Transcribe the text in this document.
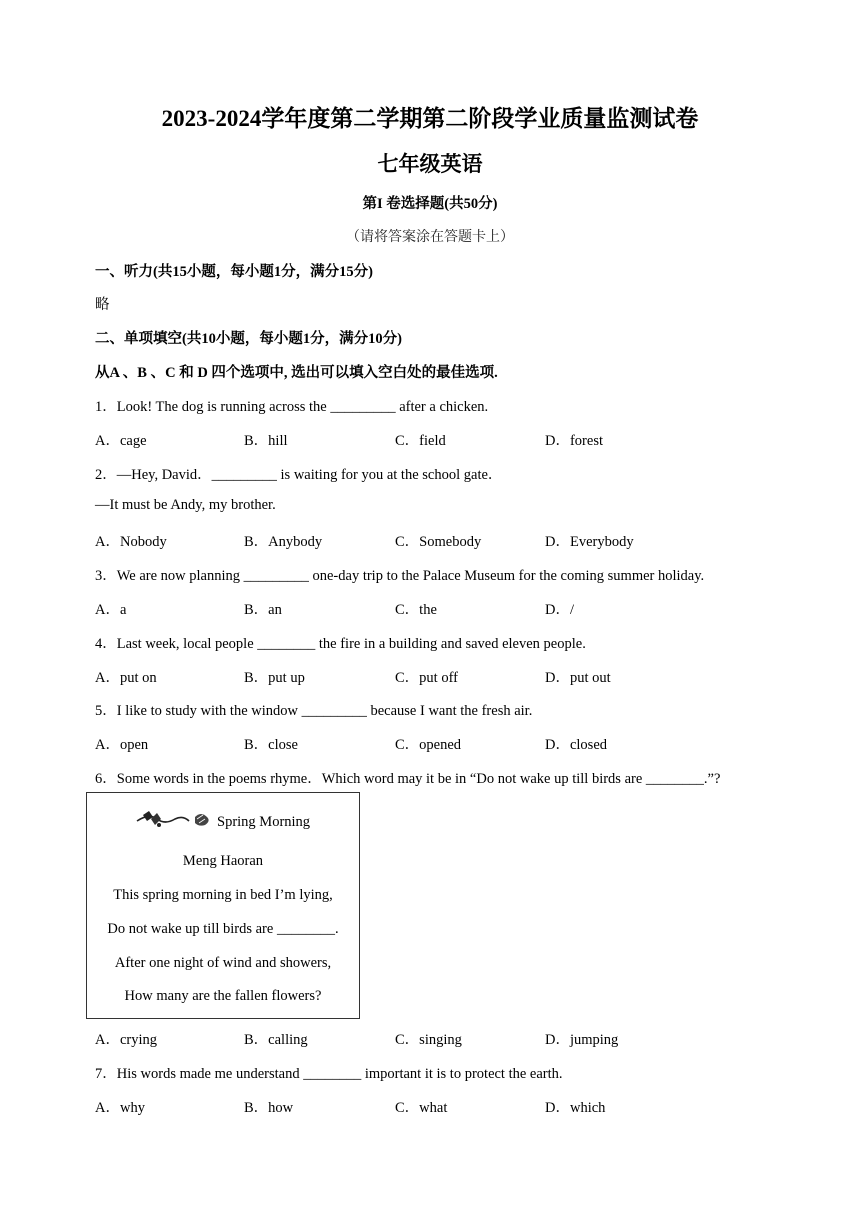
2023-2024学年度第二学期第二阶段学业质量监测试卷
七年级英语
第I 卷选择题(共50分)
（请将答案涂在答题卡上）
一、听力(共15小题，每小题1分，满分15分)
略
二、单项填空(共10小题，每小题1分，满分10分)
从A 、B 、C 和 D 四个选项中, 选出可以填入空白处的最佳选项.
1．Look! The dog is running across the _________ after a chicken.
A．cage	B．hill	C．field	D．forest
2．—Hey, David．_________ is waiting for you at the school gate．
—It must be Andy, my brother.
A．Nobody	B．Anybody	C．Somebody	D．Everybody
3．We are now planning _________ one-day trip to the Palace Museum for the coming summer holiday.
A．a	B．an	C．the	D．/
4．Last week, local people ________ the fire in a building and saved eleven people.
A．put on	B．put up	C．put off	D．put out
5．I like to study with the window _________ because I want the fresh air.
A．open	B．close	C．opened	D．closed
6．Some words in the poems rhyme．Which word may it be in “Do not wake up till birds are ________.”?
Spring Morning
Meng Haoran
This spring morning in bed I’m lying,
Do not wake up till birds are ________.
After one night of wind and showers,
How many are the fallen flowers?
A．crying	B．calling	C．singing	D．jumping
7．His words made me understand ________ important it is to protect the earth.
A．why	B．how	C．what	D．which
